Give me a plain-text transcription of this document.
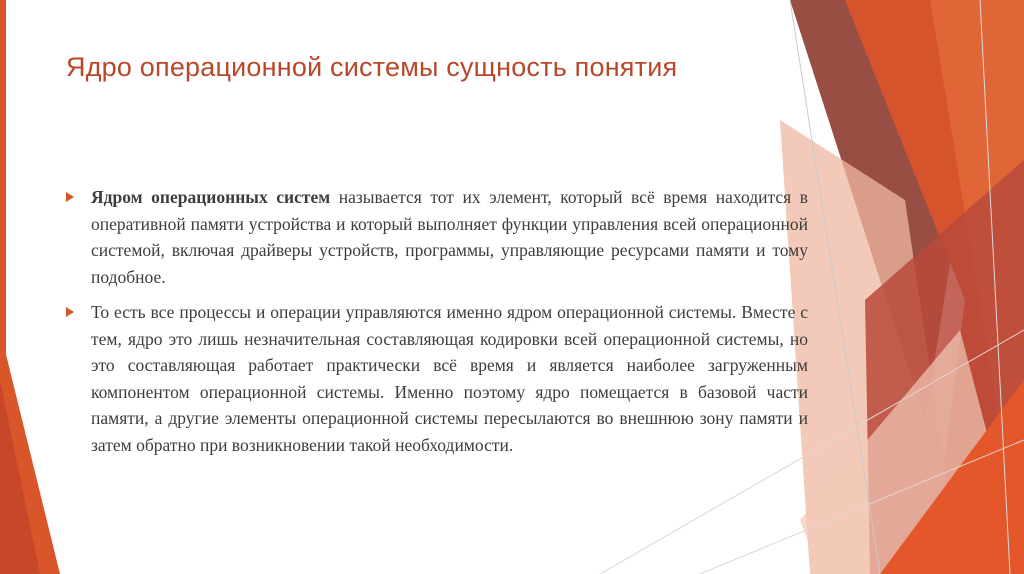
Ядро операционной системы сущность понятия
Ядром операционных систем называется тот их элемент, который всё время находится в оперативной памяти устройства и который выполняет функции управления всей операционной системой, включая драйверы устройств, программы, управляющие ресурсами памяти и тому подобное.
То есть все процессы и операции управляются именно ядром операционной системы. Вместе с тем, ядро это лишь незначительная составляющая кодировки всей операционной системы, но это составляющая работает практически всё время и является наиболее загруженным компонентом операционной системы. Именно поэтому ядро помещается в базовой части памяти, а другие элементы операционной системы пересылаются во внешнюю зону памяти и затем обратно при возникновении такой необходимости.
